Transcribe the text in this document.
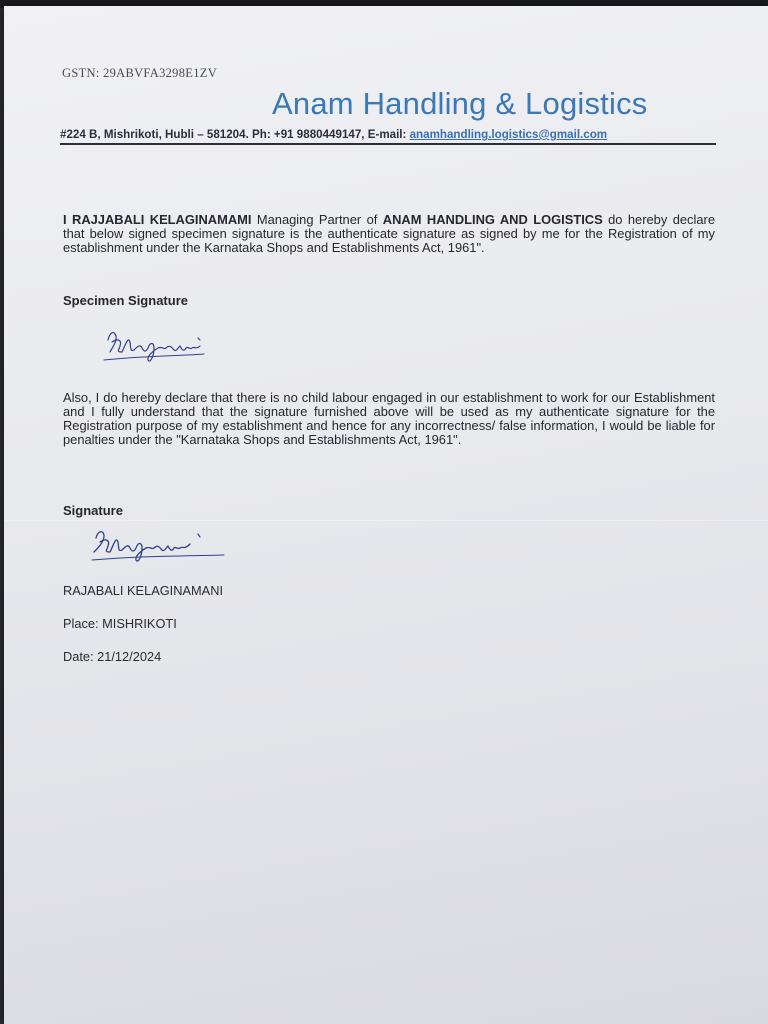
GSTN: 29ABVFA3298E1ZV
Anam Handling & Logistics
#224 B, Mishrikoti, Hubli – 581204. Ph: +91 9880449147, E-mail: anamhandling.logistics@gmail.com
I RAJJABALI KELAGINAMAMI Managing Partner of ANAM HANDLING AND LOGISTICS do hereby declare that below signed specimen signature is the authenticate signature as signed by me for the Registration of my establishment under the Karnataka Shops and Establishments Act, 1961".
Specimen Signature
Also, I do hereby declare that there is no child labour engaged in our establishment to work for our Establishment and I fully understand that the signature furnished above will be used as my authenticate signature for the Registration purpose of my establishment and hence for any incorrectness/ false information, I would be liable for penalties under the "Karnataka Shops and Establishments Act, 1961".
Signature
RAJABALI KELAGINAMANI
Place: MISHRIKOTI
Date: 21/12/2024
